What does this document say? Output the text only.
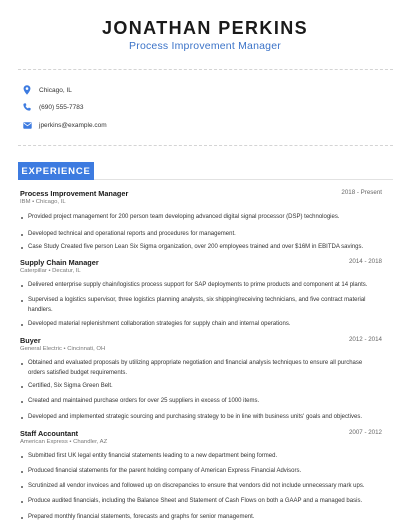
JONATHAN PERKINS
Process Improvement Manager
Chicago, IL
(690) 555-7783
jperkins@example.com
EXPERIENCE
Process Improvement Manager	2018 - Present
IBM • Chicago, IL
Provided project management for 200 person team developing advanced digital signal processor (DSP) technologies.
Developed technical and operational reports and procedures for management.
Case Study Created five person Lean Six Sigma organization, over 200 employees trained and over $16M in EBITDA savings.
Supply Chain Manager	2014 - 2018
Caterpillar • Decatur, IL
Delivered enterprise supply chain/logistics process support for SAP deployments to prime products and component at 14 plants.
Supervised a logistics supervisor, three logistics planning analysts, six shipping/receiving technicians, and five contract material handlers.
Developed material replenishment collaboration strategies for supply chain and internal operations.
Buyer	2012 - 2014
General Electric • Cincinnati, OH
Obtained and evaluated proposals by utilizing appropriate negotiation and financial analysis techniques to ensure all purchase orders satisfied budget requirements.
Certified, Six Sigma Green Belt.
Created and maintained purchase orders for over 25 suppliers in excess of 1000 items.
Developed and implemented strategic sourcing and purchasing strategy to be in line with business units' goals and objectives.
Staff Accountant	2007 - 2012
American Express • Chandler, AZ
Submitted first UK legal entity financial statements leading to a new department being formed.
Produced financial statements for the parent holding company of American Express Financial Advisors.
Scrutinized all vendor invoices and followed up on discrepancies to ensure that vendors did not include unnecessary mark ups.
Produce audited financials, including the Balance Sheet and Statement of Cash Flows on both a GAAP and a managed basis.
Prepared monthly financial statements, forecasts and graphs for senior management.
